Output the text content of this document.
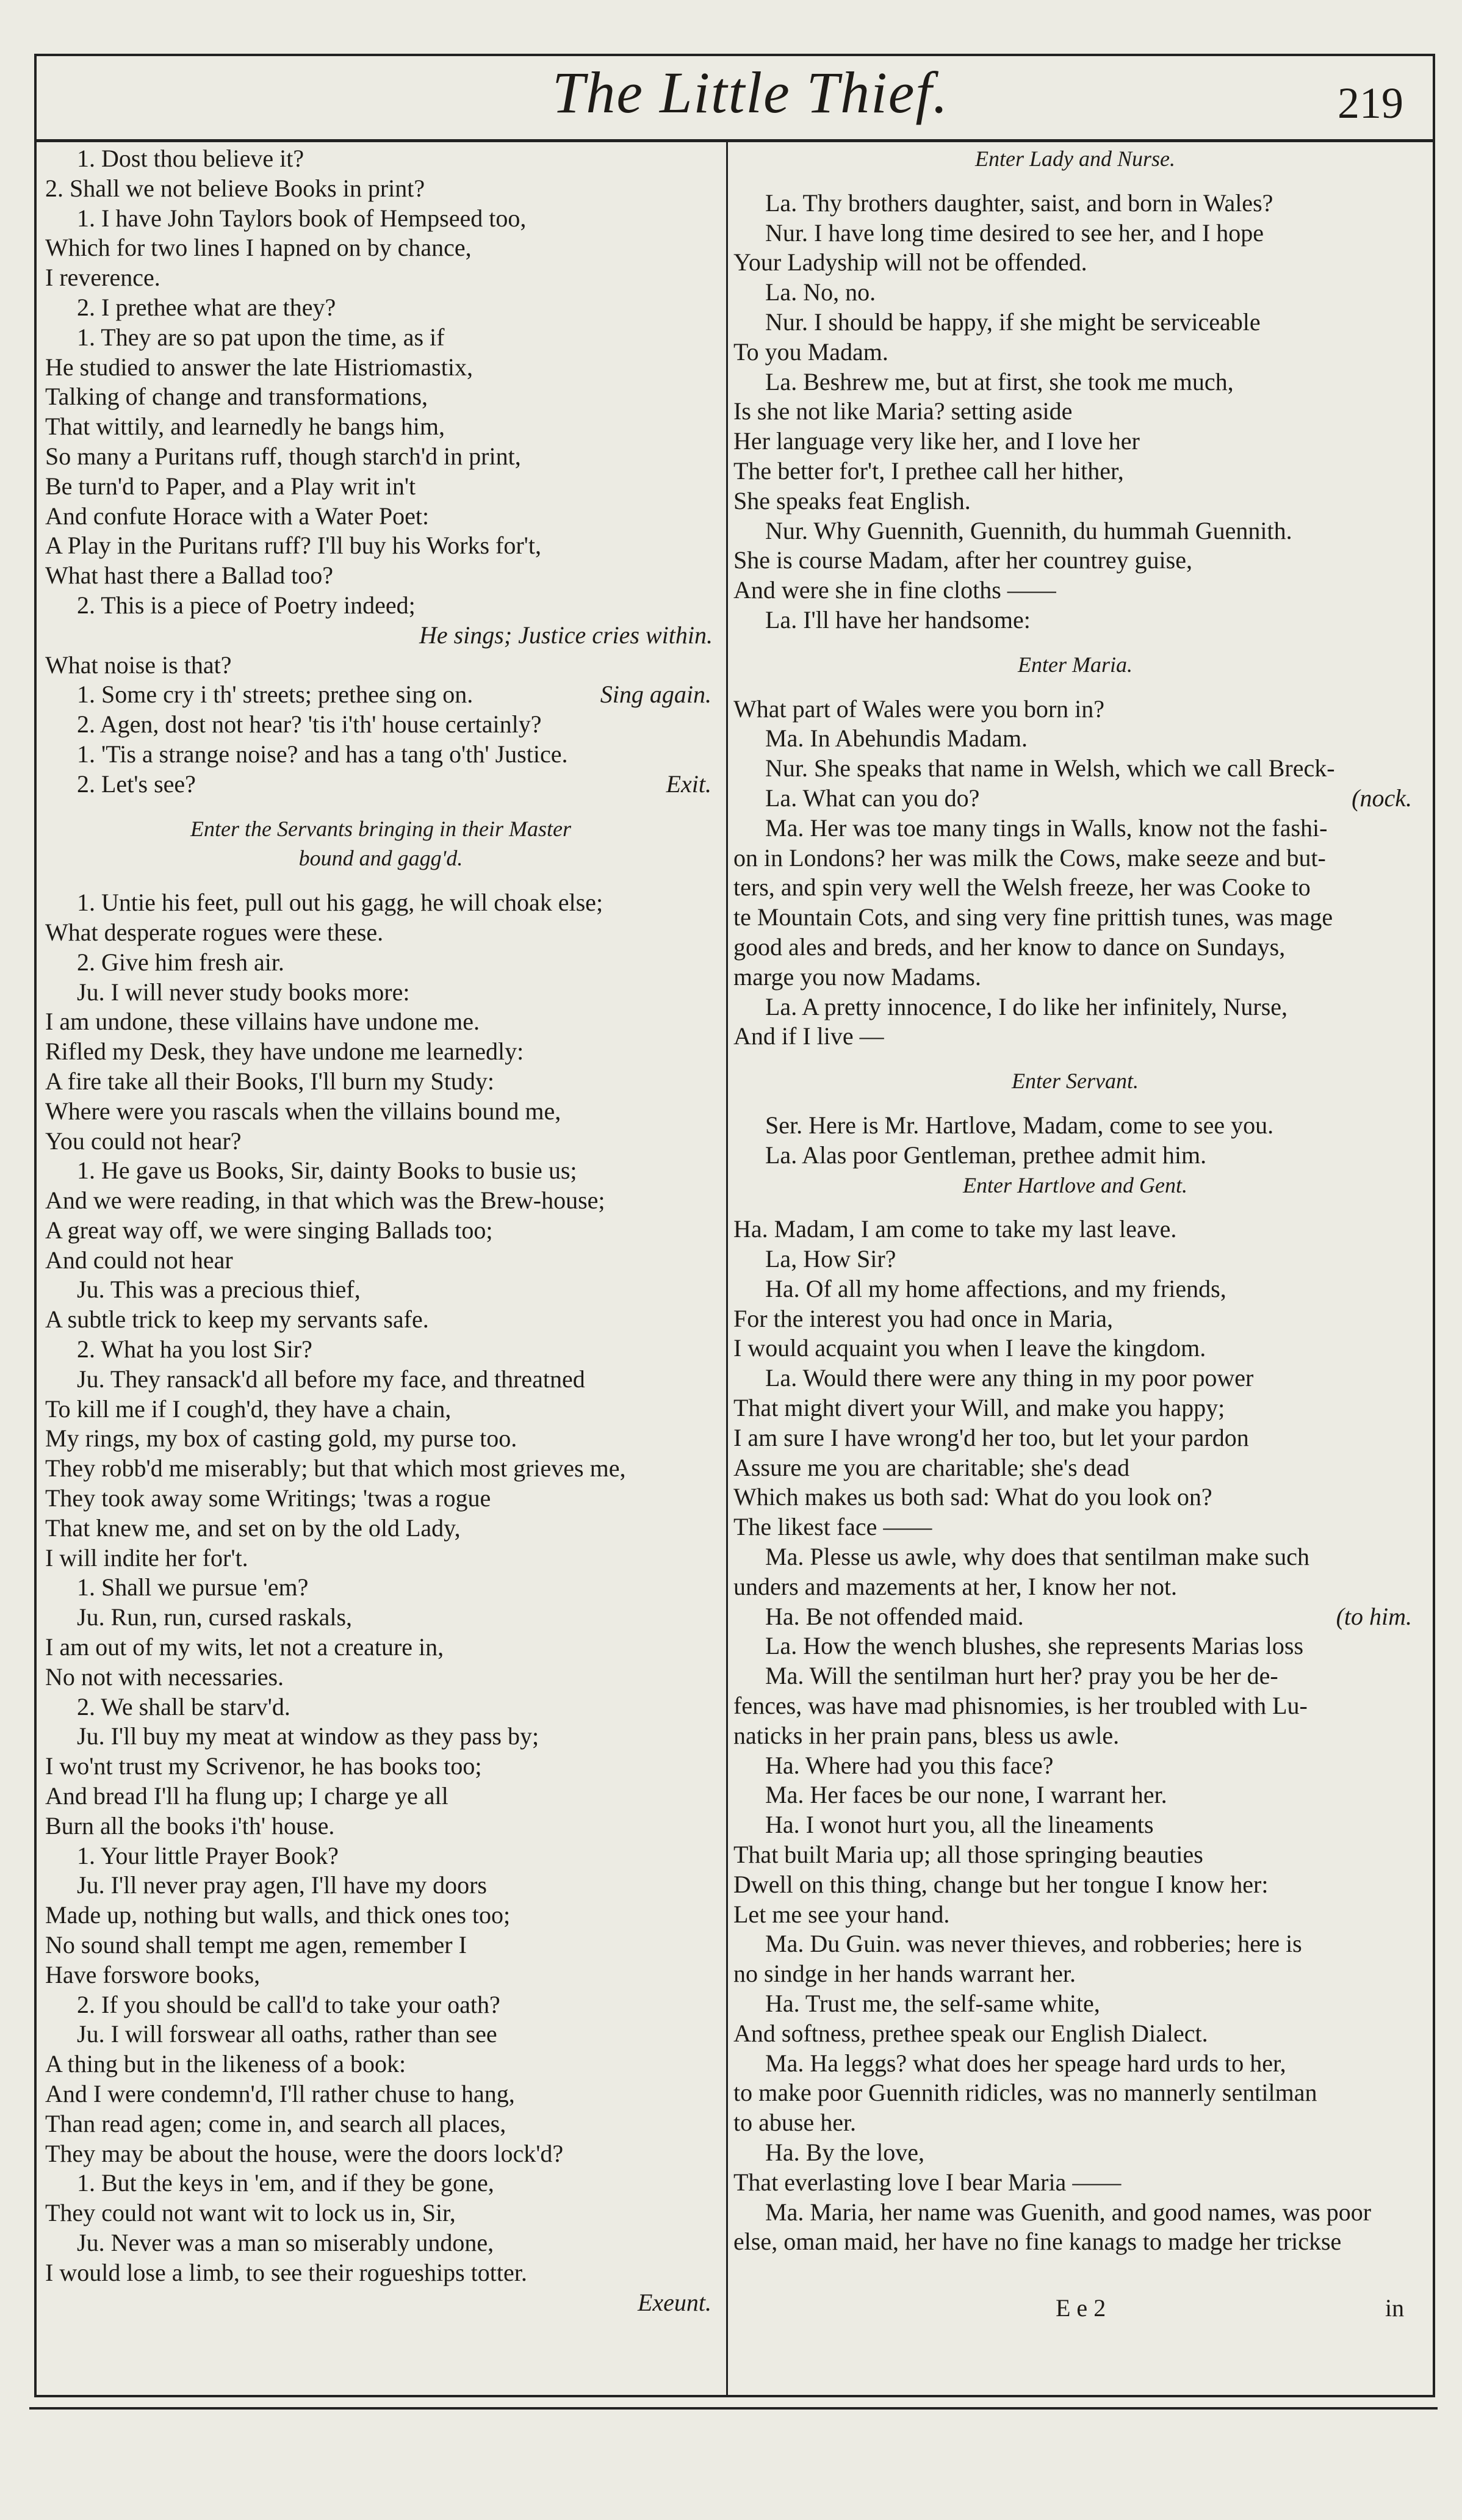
The Little Thief.	219
1. Dost thou believe it?
2. Shall we not believe Books in print?
1. I have John Taylors book of Hempseed too,
Which for two lines I hapned on by chance,
I reverence.
2. I prethee what are they?
1. They are so pat upon the time, as if
He studied to answer the late Histriomastix,
Talking of change and transformations,
That wittily, and learnedly he bangs him,
So many a Puritans ruff, though starch'd in print,
Be turn'd to Paper, and a Play writ in't
And confute Horace with a Water Poet:
A Play in the Puritans ruff? I'll buy his Works for't,
What hast there a Ballad too?
2. This is a piece of Poetry indeed;
He sings; Justice cries within.
What noise is that?
1. Some cry i th' streets; prethee sing on.	Sing again.
2. Agen, dost not hear? 'tis i'th' house certainly?
1. 'Tis a strange noise? and has a tang o'th' Justice.
2. Let's see?	Exit.
Enter the Servants bringing in their Master
bound and gagg'd.
1. Untie his feet, pull out his gagg, he will choak else;
What desperate rogues were these.
2. Give him fresh air.
Ju. I will never study books more:
I am undone, these villains have undone me.
Rifled my Desk, they have undone me learnedly:
A fire take all their Books, I'll burn my Study:
Where were you rascals when the villains bound me,
You could not hear?
1. He gave us Books, Sir, dainty Books to busie us;
And we were reading, in that which was the Brew-house;
A great way off, we were singing Ballads too;
And could not hear
Ju. This was a precious thief,
A subtle trick to keep my servants safe.
2. What ha you lost Sir?
Ju. They ransack'd all before my face, and threatned
To kill me if I cough'd, they have a chain,
My rings, my box of casting gold, my purse too.
They robb'd me miserably; but that which most grieves me,
They took away some Writings; 'twas a rogue
That knew me, and set on by the old Lady,
I will indite her for't.
1. Shall we pursue 'em?
Ju. Run, run, cursed raskals,
I am out of my wits, let not a creature in,
No not with necessaries.
2. We shall be starv'd.
Ju. I'll buy my meat at window as they pass by;
I wo'nt trust my Scrivenor, he has books too;
And bread I'll ha flung up; I charge ye all
Burn all the books i'th' house.
1. Your little Prayer Book?
Ju. I'll never pray agen, I'll have my doors
Made up, nothing but walls, and thick ones too;
No sound shall tempt me agen, remember I
Have forswore books,
2. If you should be call'd to take your oath?
Ju. I will forswear all oaths, rather than see
A thing but in the likeness of a book:
And I were condemn'd, I'll rather chuse to hang,
Than read agen; come in, and search all places,
They may be about the house, were the doors lock'd?
1. But the keys in 'em, and if they be gone,
They could not want wit to lock us in, Sir,
Ju. Never was a man so miserably undone,
I would lose a limb, to see their rogueships totter.
Exeunt.
Enter Lady and Nurse.
La. Thy brothers daughter, saist, and born in Wales?
Nur. I have long time desired to see her, and I hope
Your Ladyship will not be offended.
La. No, no.
Nur. I should be happy, if she might be serviceable
To you Madam.
La. Beshrew me, but at first, she took me much,
Is she not like Maria? setting aside
Her language very like her, and I love her
The better for't, I prethee call her hither,
She speaks feat English.
Nur. Why Guennith, Guennith, du hummah Guennith.
She is course Madam, after her countrey guise,
And were she in fine cloths ——
La. I'll have her handsome:
Enter Maria.
What part of Wales were you born in?
Ma. In Abehundis Madam.
Nur. She speaks that name in Welsh, which we call Breck-
La. What can you do?	(nock.
Ma. Her was toe many tings in Walls, know not the fashi-
on in Londons? her was milk the Cows, make seeze and but-
ters, and spin very well the Welsh freeze, her was Cooke to
te Mountain Cots, and sing very fine prittish tunes, was mage
good ales and breds, and her know to dance on Sundays,
marge you now Madams.
La. A pretty innocence, I do like her infinitely, Nurse,
And if I live —
Enter Servant.
Ser. Here is Mr. Hartlove, Madam, come to see you.
La. Alas poor Gentleman, prethee admit him.
Enter Hartlove and Gent.
Ha. Madam, I am come to take my last leave.
La, How Sir?
Ha. Of all my home affections, and my friends,
For the interest you had once in Maria,
I would acquaint you when I leave the kingdom.
La. Would there were any thing in my poor power
That might divert your Will, and make you happy;
I am sure I have wrong'd her too, but let your pardon
Assure me you are charitable; she's dead
Which makes us both sad: What do you look on?
The likest face ——
Ma. Plesse us awle, why does that sentilman make such
unders and mazements at her, I know her not.
Ha. Be not offended maid.	(to him.
La. How the wench blushes, she represents Marias loss
Ma. Will the sentilman hurt her? pray you be her de-
fences, was have mad phisnomies, is her troubled with Lu-
naticks in her prain pans, bless us awle.
Ha. Where had you this face?
Ma. Her faces be our none, I warrant her.
Ha. I wonot hurt you, all the lineaments
That built Maria up; all those springing beauties
Dwell on this thing, change but her tongue I know her:
Let me see your hand.
Ma. Du Guin. was never thieves, and robberies; here is
no sindge in her hands warrant her.
Ha. Trust me, the self-same white,
And softness, prethee speak our English Dialect.
Ma. Ha leggs? what does her speage hard urds to her,
to make poor Guennith ridicles, was no mannerly sentilman
to abuse her.
Ha. By the love,
That everlasting love I bear Maria ——
Ma. Maria, her name was Guenith, and good names, was poor
else, oman maid, her have no fine kanags to madge her trickse
E e 2	in
